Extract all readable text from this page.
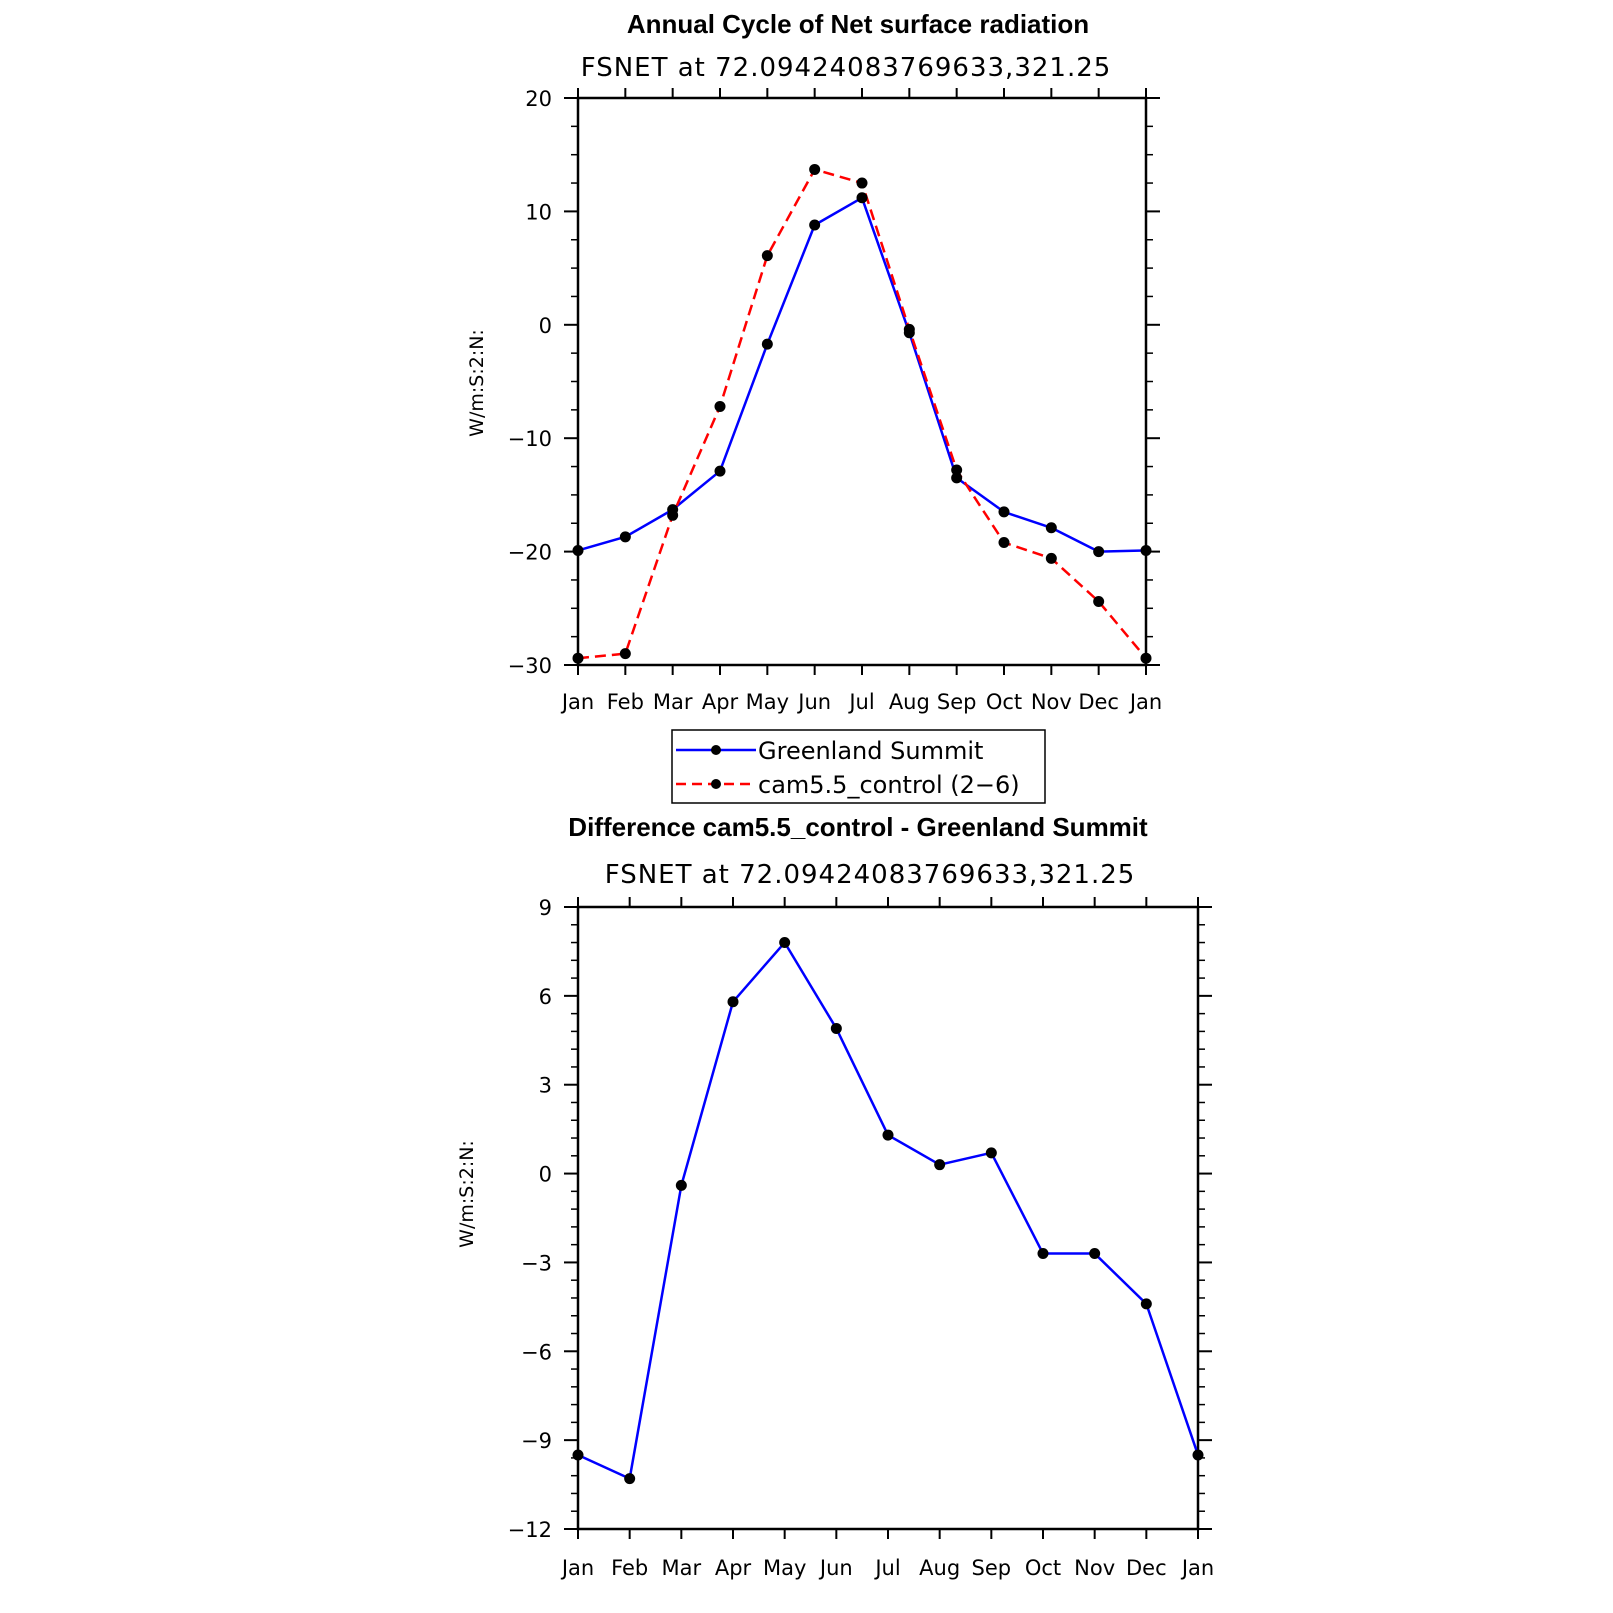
Annual Cycle of Net surface radiation
FSNET at 72.09424083769633,321.25
W/m:S:2:N:
Jan Feb Mar Apr May Jun Jul Aug Sep Oct Nov Dec Jan
20
10
0
−10
−20
−30
Greenland Summit
cam5.5_control (2−6)
Difference cam5.5_control - Greenland Summit
FSNET at 72.09424083769633,321.25
W/m:S:2:N:
Jan Feb Mar Apr May Jun Jul Aug Sep Oct Nov Dec Jan
9
6
3
0
−3
−6
−9
−12
